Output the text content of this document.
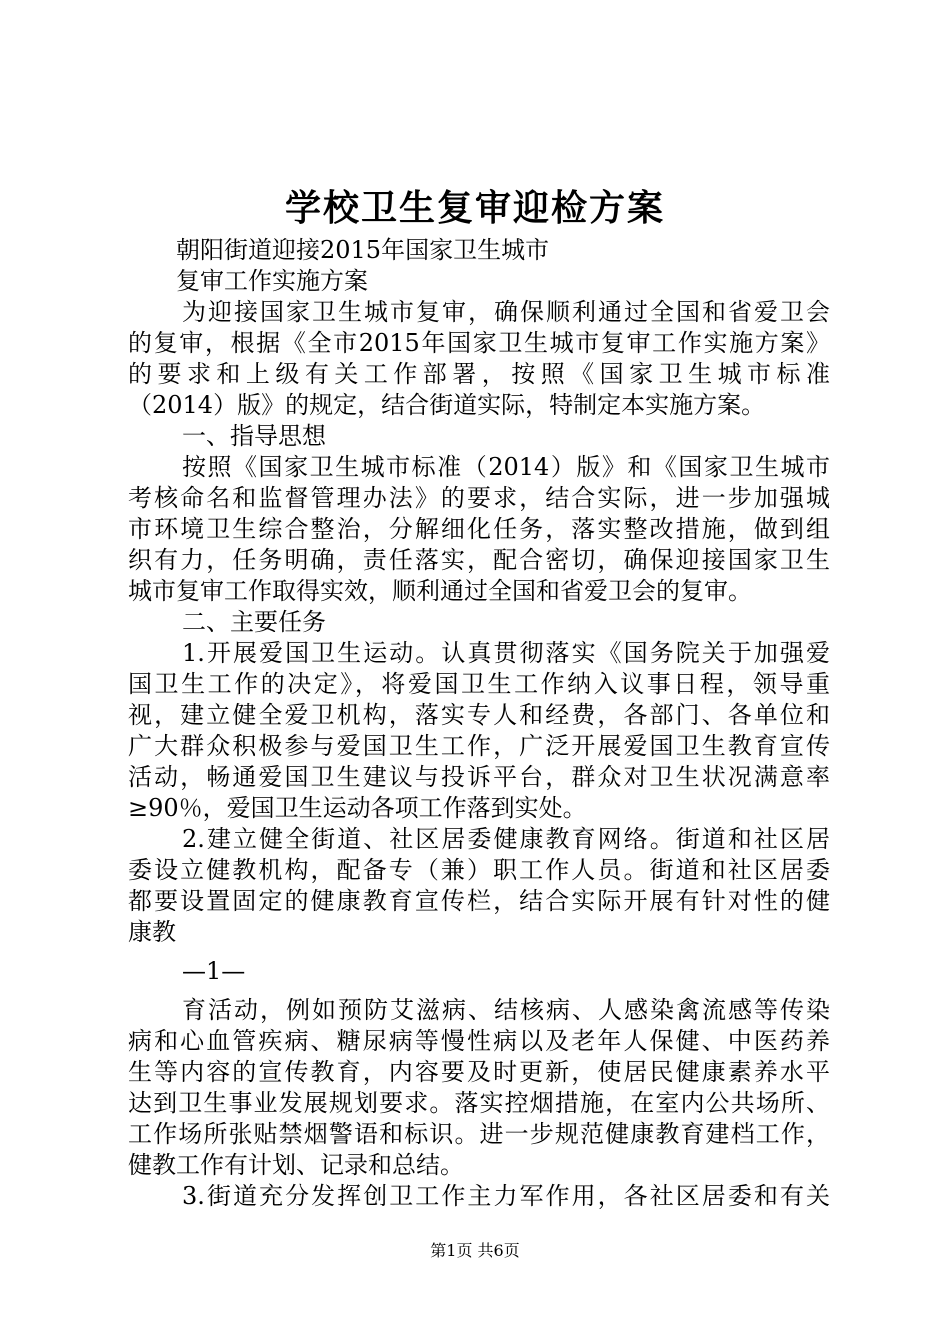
学校卫生复审迎检方案
朝阳街道迎接2015年国家卫生城市
复审工作实施方案
为迎接国家卫生城市复审，确保顺利通过全国和省爱卫会
的复审，根据《全市2015年国家卫生城市复审工作实施方案》
的要求和上级有关工作部署，按照《国家卫生城市标准
（2014）版》的规定，结合街道实际，特制定本实施方案。
一、指导思想
按照《国家卫生城市标准（2014）版》和《国家卫生城市
考核命名和监督管理办法》的要求，结合实际，进一步加强城
市环境卫生综合整治，分解细化任务，落实整改措施，做到组
织有力，任务明确，责任落实，配合密切，确保迎接国家卫生
城市复审工作取得实效，顺利通过全国和省爱卫会的复审。
二、主要任务
1.开展爱国卫生运动。认真贯彻落实《国务院关于加强爱
国卫生工作的决定》，将爱国卫生工作纳入议事日程，领导重
视，建立健全爱卫机构，落实专人和经费，各部门、各单位和
广大群众积极参与爱国卫生工作，广泛开展爱国卫生教育宣传
活动，畅通爱国卫生建议与投诉平台，群众对卫生状况满意率
≥90％，爱国卫生运动各项工作落到实处。
2.建立健全街道、社区居委健康教育网络。街道和社区居
委设立健教机构，配备专（兼）职工作人员。街道和社区居委
都要设置固定的健康教育宣传栏，结合实际开展有针对性的健
康教
—1—
育活动，例如预防艾滋病、结核病、人感染禽流感等传染
病和心血管疾病、糖尿病等慢性病以及老年人保健、中医药养
生等内容的宣传教育，内容要及时更新，使居民健康素养水平
达到卫生事业发展规划要求。落实控烟措施，在室内公共场所、
工作场所张贴禁烟警语和标识。进一步规范健康教育建档工作，
健教工作有计划、记录和总结。
3.街道充分发挥创卫工作主力军作用，各社区居委和有关
第1页 共6页
